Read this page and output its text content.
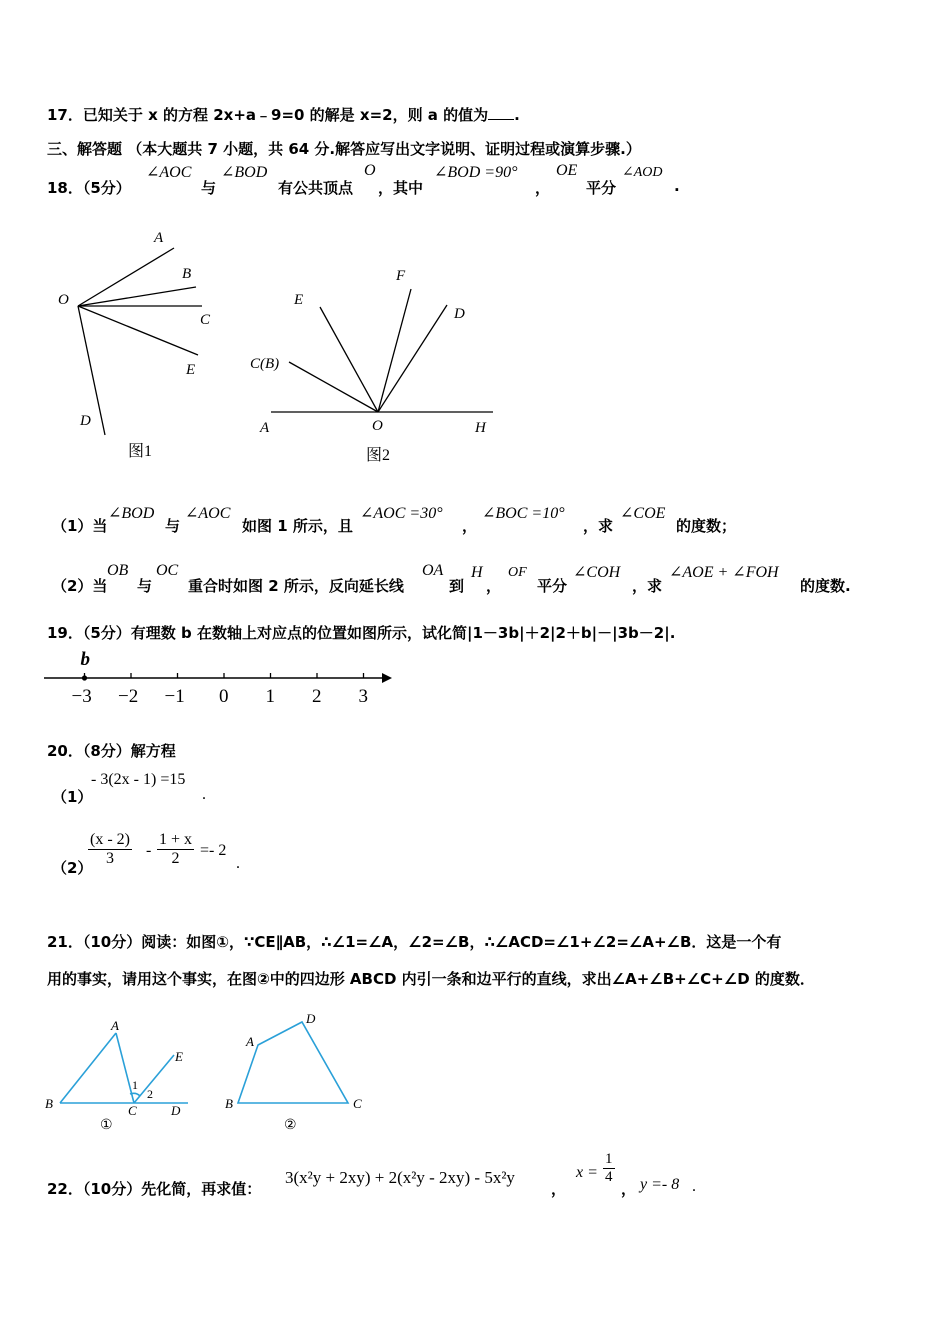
17．已知关于 x 的方程 2x+a﹣9=0 的解是 x=2，则 a 的值为 .
三、解答题 （本大题共 7 小题，共 64 分.解答应写出文字说明、证明过程或演算步骤.）
18．（5分）
∠AOC
与
∠BOD
有公共顶点
O
，其中
∠BOD =90°
，
OE
平分
∠AOD
.
A
B
O
C
E
D
图1
F
E
D
C(B)
A	O	H
图2
（1）当
∠BOD
与
∠AOC
如图 1 所示，且
∠AOC =30°
，
∠BOC =10°
，求
∠COE
的度数；
（2）当
OB
与
OC
重合时如图 2 所示，反向延长线
OA
到
H
，
OF
平分
∠COH
，求
∠AOE + ∠FOH
的度数.
19．（5分）有理数 b 在数轴上对应点的位置如图所示，试化简|1－3b|＋2|2＋b|－|3b－2|.
−3 −2 −1 0 1 2 3
b
20．（8分）解方程
（1）
- 3(2x - 1) =15
.
（2）
$\frac{(x - 2)}{3} - \frac{1 + x}{2} =- 2$
.
21．（10分）阅读：如图①，∵CE∥AB，∴∠1=∠A，∠2=∠B，∴∠ACD=∠1+∠2=∠A+∠B．这是一个有
用的事实，请用这个事实，在图②中的四边形 ABCD 内引一条和边平行的直线，求出∠A+∠B+∠C+∠D 的度数．
A
E
1
2
B	C	D
①
D
A
B	C
②
22．（10分）先化简，再求值：
3(x²y + 2xy) + 2(x²y - 2xy) - 5x²y
，
$x = \frac{1}{4}$
， y =- 8 .
